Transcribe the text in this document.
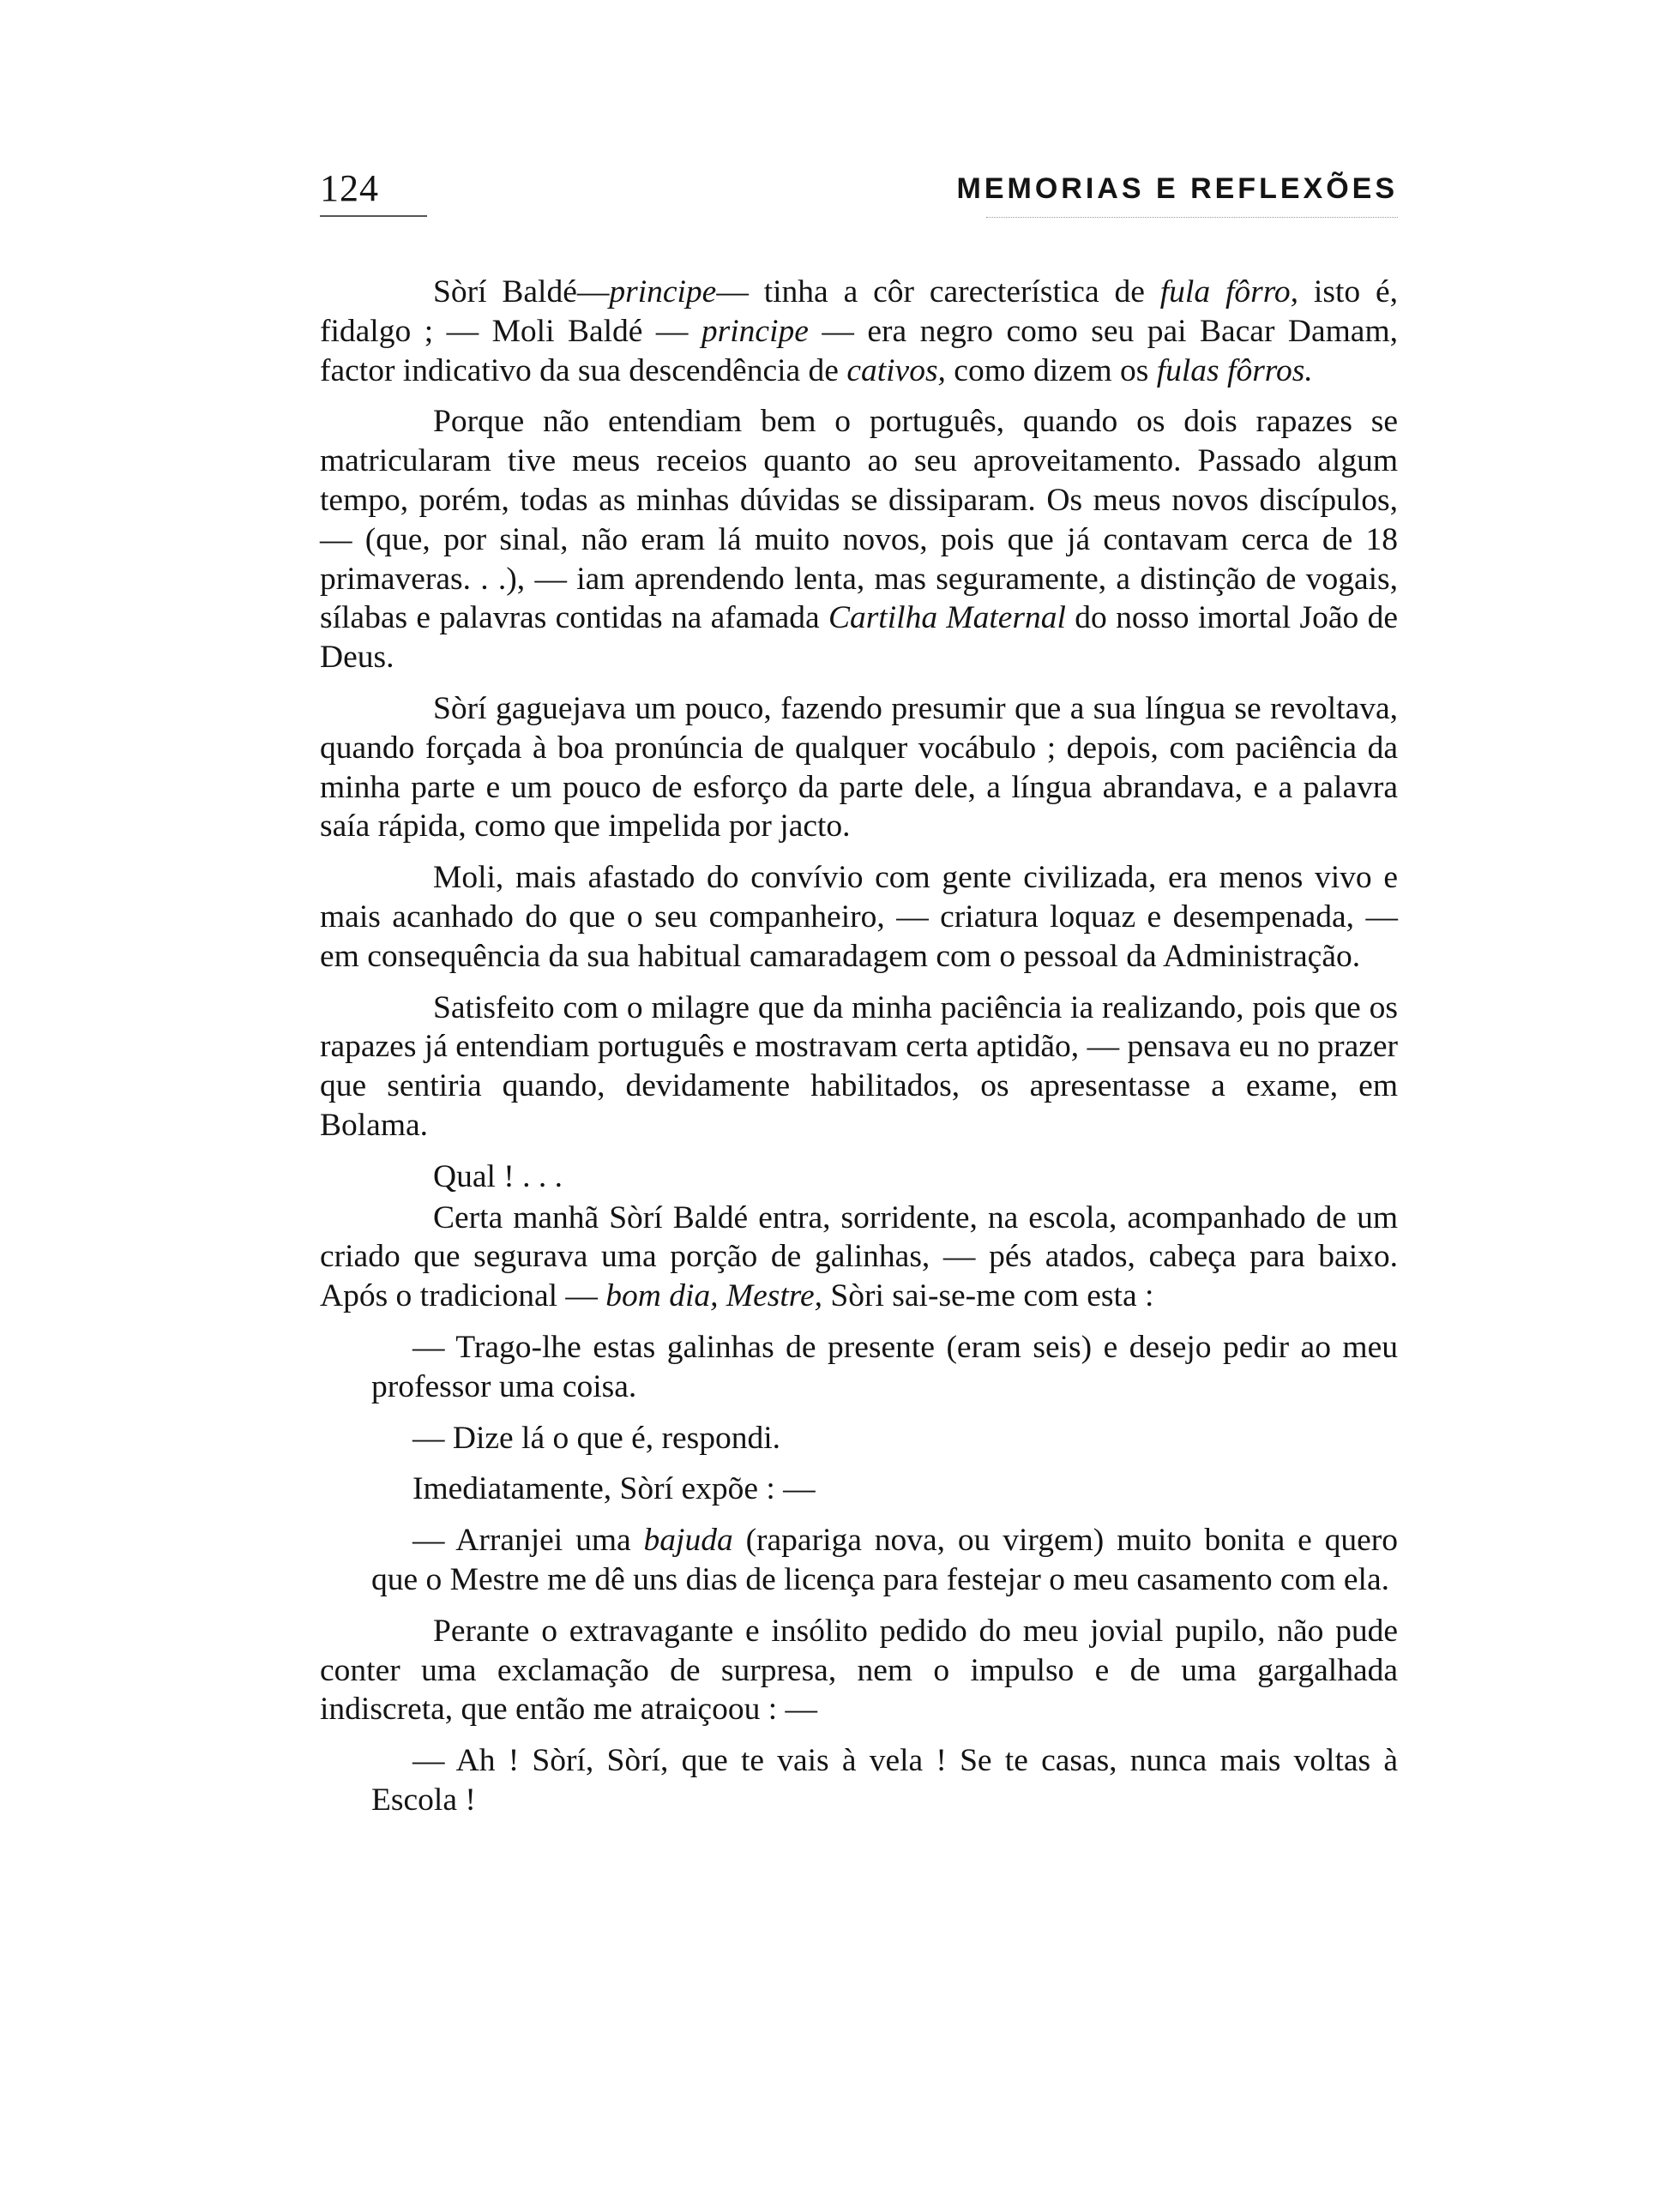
124	MEMORIAS E REFLEXÕES

Sòrí Baldé—principe— tinha a côr carecterística de fula fôrro, isto é, fidalgo ; — Moli Baldé — principe — era negro como seu pai Bacar Damam, factor indicativo da sua descendência de cativos, como dizem os fulas fôrros.

Porque não entendiam bem o português, quando os dois rapazes se matricularam tive meus receios quanto ao seu aproveitamento. Passado algum tempo, porém, todas as minhas dúvidas se dissiparam. Os meus novos discípulos, — (que, por sinal, não eram lá muito novos, pois que já contavam cerca de 18 primaveras. . .), — iam aprendendo lenta, mas seguramente, a distinção de vogais, sílabas e palavras contidas na afamada Cartilha Maternal do nosso imortal João de Deus.

Sòrí gaguejava um pouco, fazendo presumir que a sua língua se revoltava, quando forçada à boa pronúncia de qualquer vocábulo ; depois, com paciência da minha parte e um pouco de esforço da parte dele, a língua abrandava, e a palavra saía rápida, como que impelida por jacto.

Moli, mais afastado do convívio com gente civilizada, era menos vivo e mais acanhado do que o seu companheiro, — criatura loquaz e desempenada, — em consequência da sua habitual camaradagem com o pessoal da Administração.

Satisfeito com o milagre que da minha paciência ia realizando, pois que os rapazes já entendiam português e mostravam certa aptidão, — pensava eu no prazer que sentiria quando, devidamente habilitados, os apresentasse a exame, em Bolama.

Qual ! . . .

Certa manhã Sòrí Baldé entra, sorridente, na escola, acompanhado de um criado que segurava uma porção de galinhas, — pés atados, cabeça para baixo. Após o tradicional — bom dia, Mestre, Sòri sai-se-me com esta :

— Trago-lhe estas galinhas de presente (eram seis) e desejo pedir ao meu professor uma coisa.

— Dize lá o que é, respondi.

Imediatamente, Sòrí expõe : —

— Arranjei uma bajuda (rapariga nova, ou virgem) muito bonita e quero que o Mestre me dê uns dias de licença para festejar o meu casamento com ela.

Perante o extravagante e insólito pedido do meu jovial pupilo, não pude conter uma exclamação de surpresa, nem o impulso e de uma gargalhada indiscreta, que então me atraiçoou : —

— Ah ! Sòrí, Sòrí, que te vais à vela ! Se te casas, nunca mais voltas à Escola !
